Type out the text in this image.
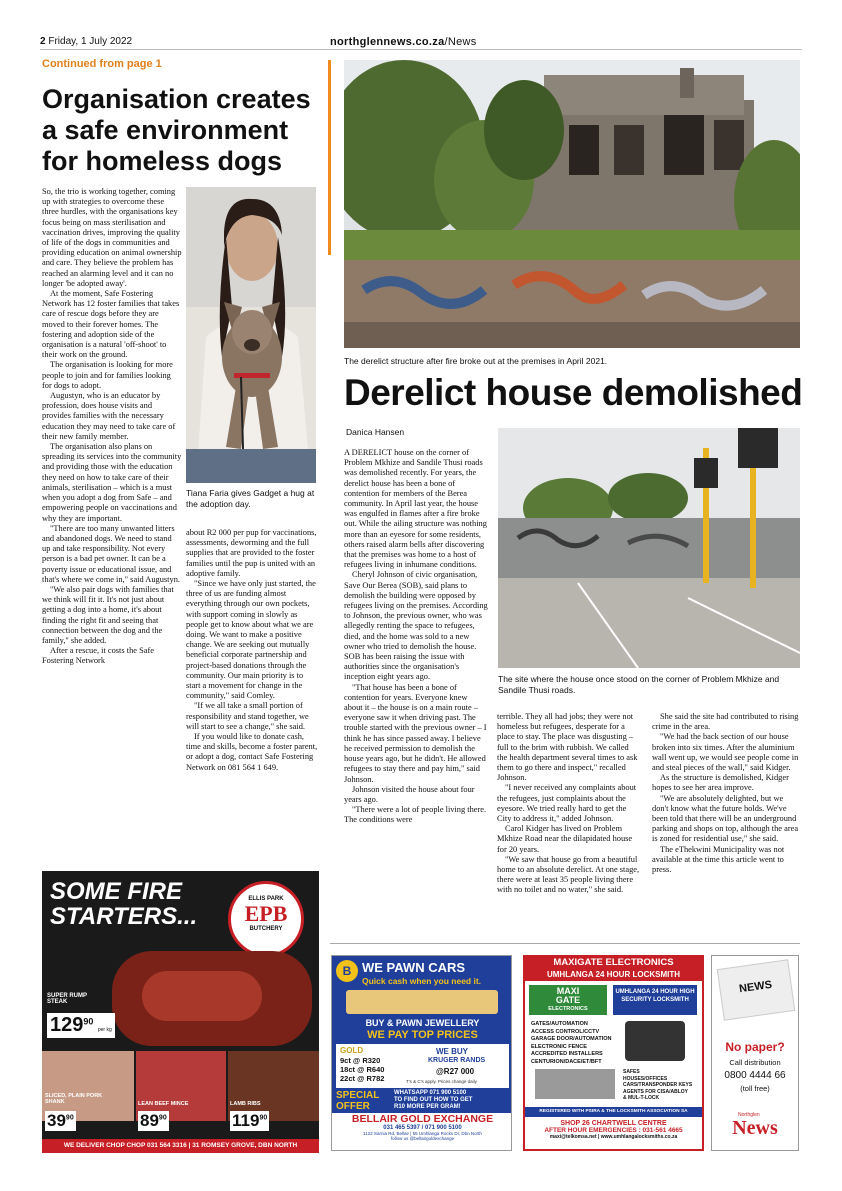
2 Friday, 1 July 2022	northglennews.co.za/News
Continued from page 1
Organisation creates a safe environment for homeless dogs

So, the trio is working together, coming up with strategies to overcome these three hurdles, with the organisations key focus being on mass sterilisation and vaccination drives, improving the quality of life of the dogs in communities and providing education on animal ownership and care. They believe the problem has reached an alarming level and it can no longer 'be adopted away'.

At the moment, Safe Fostering Network has 12 foster families that takes care of rescue dogs before they are moved to their forever homes. The fostering and adoption side of the organisation is a natural 'off-shoot' to their work on the ground.

The organisation is looking for more people to join and for families looking for dogs to adopt.

Augustyn, who is an educator by profession, does house visits and provides families with the necessary education they may need to take care of their new family member.

The organisation also plans on spreading its services into the community and providing those with the education they need on how to take care of their animals, sterilisation – which is a must when you adopt a dog from Safe – and empowering people on vaccinations and why they are important.

"There are too many unwanted litters and abandoned dogs. We need to stand up and take responsibility. Not every person is a bad pet owner. It can be a poverty issue or educational issue, and that's where we come in," said Augustyn.

"We also pair dogs with families that we think will fit it. It's not just about getting a dog into a home, it's about finding the right fit and seeing that connection between the dog and the family," she added.

After a rescue, it costs the Safe Fostering Network

Tiana Faria gives Gadget a hug at the adoption day.

about R2 000 per pup for vaccinations, assessments, deworming and the full supplies that are provided to the foster families until the pup is united with an adoptive family.

"Since we have only just started, the three of us are funding almost everything through our own pockets, with support coming in slowly as people get to know about what we are doing. We want to make a positive change. We are seeking out mutually beneficial corporate partnership and project-based donations through the community. Our main priority is to start a movement for change in the community," said Comley.

"If we all take a small portion of responsibility and stand together, we will start to see a change," she said.

If you would like to donate cash, time and skills, become a foster parent, or adopt a dog, contact Safe Fostering Network on 081 564 1 649.

The derelict structure after fire broke out at the premises in April 2021.
Derelict house demolished
Danica Hansen

A DERELICT house on the corner of Problem Mkhize and Sandile Thusi roads was demolished recently. For years, the derelict house has been a bone of contention for members of the Berea community. In April last year, the house was engulfed in flames after a fire broke out. While the ailing structure was nothing more than an eyesore for some residents, others raised alarm bells after discovering that the premises was home to a host of refugees living in inhumane conditions.

Cheryl Johnson of civic organisation, Save Our Berea (SOB), said plans to demolish the building were opposed by refugees living on the premises. According to Johnson, the previous owner, who was allegedly renting the space to refugees, died, and the home was sold to a new owner who tried to demolish the house. SOB has been raising the issue with authorities since the organisation's inception eight years ago.

"That house has been a bone of contention for years. Everyone knew about it – the house is on a main route – everyone saw it when driving past. The trouble started with the previous owner – I think he has since passed away. I believe he received permission to demolish the house years ago, but he didn't. He allowed refugees to stay there and pay him," said Johnson.

Johnson visited the house about four years ago.

"There were a lot of people living there. The conditions were

The site where the house once stood on the corner of Problem Mkhize and Sandile Thusi roads.

terrible. They all had jobs; they were not homeless but refugees, desperate for a place to stay. The place was disgusting – full to the brim with rubbish. We called the health department several times to ask them to go there and inspect," recalled Johnson.

"I never received any complaints about the refugees, just complaints about the eyesore. We tried really hard to get the City to address it," added Johnson.

Carol Kidger has lived on Problem Mkhize Road near the dilapidated house for 20 years.

"We saw that house go from a beautiful home to an absolute derelict. At one stage, there were at least 35 people living there with no toilet and no water," she said.

She said the site had contributed to rising crime in the area.

"We had the back section of our house broken into six times. After the aluminium wall went up, we would see people come in and steal pieces of the wall," said Kidger.

As the structure is demolished, Kidger hopes to see her area improve.

"We are absolutely delighted, but we don't know what the future holds. We've been told that there will be an underground parking and shops on top, although the area is zoned for residential use," she said.

The eThekwini Municipality was not available at the time this article went to press.

SOME FIRE
STARTERS...
ELLIS PARK
EPB
BUTCHERY
SUPER RUMP STEAK
$129^{90}$ per kg
SLICED, PLAIN PORK SHANK	LEAN BEEF MINCE	LAMB RIBS
$39^{90}$	$89^{90}$	$119^{90}$
WE DELIVER CHOP CHOP 031 564 3316 | 31 ROMSEY GROVE, DBN NORTH
B WE PAWN CARS
Quick cash when you need it.
BUY & PAWN JEWELLERY
WE PAY TOP PRICES
GOLD
9ct @ R320
18ct @ R640
22ct @ R782
WE BUY
KRUGER RANDS
@R27 000
T's & C's apply. Prices change daily
SPECIAL
OFFER
WHATSAPP 071 900 5100
TO FIND OUT HOW TO GET
R10 MORE PER GRAM!
BELLAIR GOLD EXCHANGE
031 465 5397 / 071 900 5100
1122 Sarnia Rd, Bellair | 55 Umhlanga Rocks Dr, Dbn North
follow us @bellairgoldexchange
MAXIGATE ELECTRONICS
UMHLANGA 24 HOUR LOCKSMITH
MAXI
GATE
ELECTRONICS
UMHLANGA 24 HOUR HIGH SECURITY LOCKSMITH
GATES/AUTOMATION
ACCESS CONTROL/CCTV
GARAGE DOOR/AUTOMATION
ELECTRONIC FENCE
ACCREDITED INSTALLERS
CENTURION/DACE/ET/BFT
SAFES
HOUSES/OFFICES
CARS/TRANSPONDER KEYS
AGENTS FOR CISA/ABLOY
& MUL-T-LOCK
REGISTERED WITH PSIRA & THE LOCKSMITH ASSOCIATION SA
SHOP 26 CHARTWELL CENTRE
AFTER HOUR EMERGENCIES : 031-561 4665
maxi@telkomsa.net | www.umhlangalocksmiths.co.za
NEWS
No paper?
Call distribution
0800 4444 66
(toll free)
Northglen
News
